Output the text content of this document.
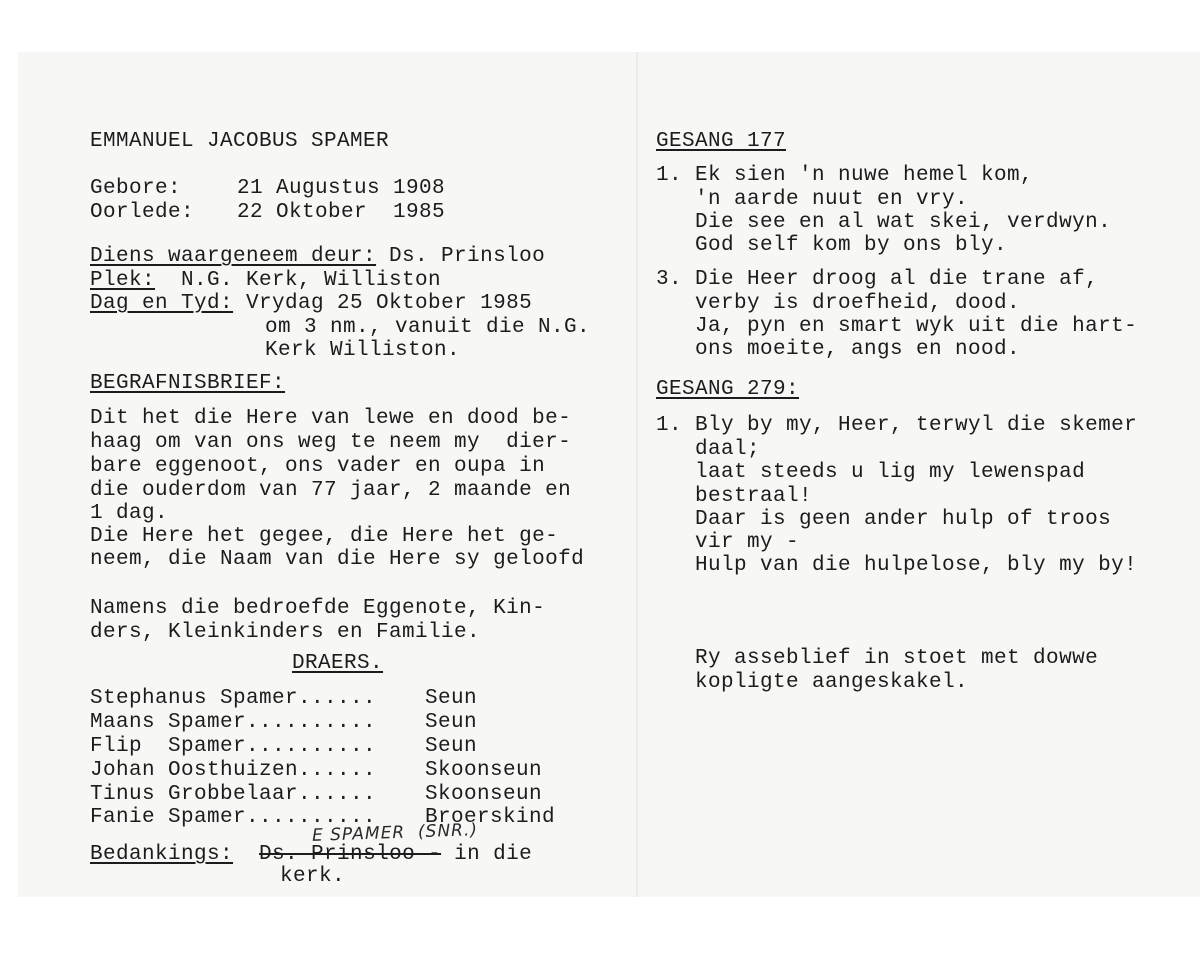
EMMANUEL JACOBUS SPAMER
Gebore:	21 Augustus 1908
Oorlede: 22 Oktober  1985
Diens waargeneem deur: Ds. Prinsloo
Plek:  N.G. Kerk, Williston
Dag en Tyd: Vrydag 25 Oktober 1985
om 3 nm., vanuit die N.G.
Kerk Williston.
BEGRAFNISBRIEF:
Dit het die Here van lewe en dood be-
haag om van ons weg te neem my  dier-
bare eggenoot, ons vader en oupa in
die ouderdom van 77 jaar, 2 maande en
1 dag.
Die Here het gegee, die Here het ge-
neem, die Naam van die Here sy geloofd
Namens die bedroefde Eggenote, Kin-
ders, Kleinkinders en Familie.
DRAERS.
Stephanus Spamer...... Seun
Maans Spamer.......... Seun
Flip  Spamer.......... Seun
Johan Oosthuizen...... Skoonseun
Tinus Grobbelaar...... Skoonseun
Fanie Spamer.......... Broerskind
E SPAMER  (SNR.)
Bedankings: Ds. Prinsloo - in die
kerk.
GESANG 177
1. Ek sien 'n nuwe hemel kom,
'n aarde nuut en vry.
Die see en al wat skei, verdwyn.
God self kom by ons bly.
3. Die Heer droog al die trane af,
verby is droefheid, dood.
Ja, pyn en smart wyk uit die hart-
ons moeite, angs en nood.
GESANG 279:
1. Bly by my, Heer, terwyl die skemer
daal;
laat steeds u lig my lewenspad
bestraal!
Daar is geen ander hulp of troos
vir my -
Hulp van die hulpelose, bly my by!
Ry asseblief in stoet met dowwe
kopligte aangeskakel.
